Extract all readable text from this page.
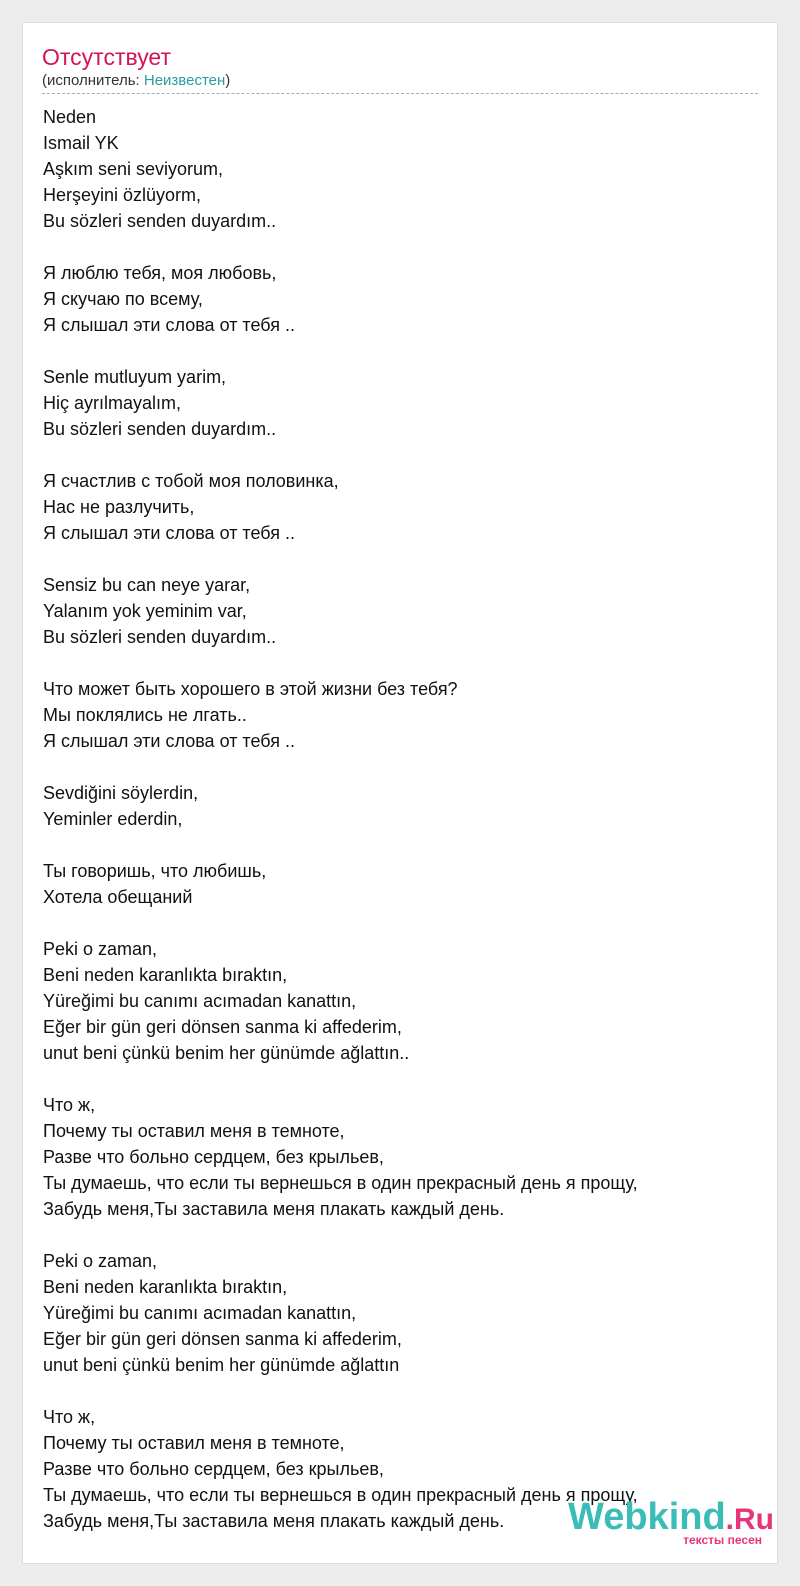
Отсутствует
(исполнитель: Неизвестен)
Neden
Ismail YK
Aşkım seni seviyorum,
Herşeyini özlüyorm,
Bu sözleri senden duyardım..
Я люблю тебя, моя любовь,
Я скучаю по всему,
Я слышал эти слова от тебя ..
Senle mutluyum yarim,
Hiç ayrılmayalım,
Bu sözleri senden duyardım..
Я счастлив с тобой моя половинка,
Нас не разлучить,
Я слышал эти слова от тебя ..
Sensiz bu can neye yarar,
Yalanım yok yeminim var,
Bu sözleri senden duyardım..
Что может быть хорошего в этой жизни без тебя?
Мы поклялись не лгать..
Я слышал эти слова от тебя ..
Sevdiğini söylerdin,
Yeminler ederdin,
Ты говоришь, что любишь,
Хотела обещаний
Peki o zaman,
Beni neden karanlıkta bıraktın,
Yüreğimi bu canımı acımadan kanattın,
Eğer bir gün geri dönsen sanma ki affederim,
unut beni çünkü benim her günümde ağlattın..
Что ж,
Почему ты оставил меня в темноте,
Разве что больно сердцем, без крыльев,
Ты думаешь, что если ты вернешься в один прекрасный день я прощу,
Забудь меня,Ты заставила меня плакать каждый день.
Peki o zaman,
Beni neden karanlıkta bıraktın,
Yüreğimi bu canımı acımadan kanattın,
Eğer bir gün geri dönsen sanma ki affederim,
unut beni çünkü benim her günümde ağlattın
Что ж,
Почему ты оставил меня в темноте,
Разве что больно сердцем, без крыльев,
Ты думаешь, что если ты вернешься в один прекрасный день я прощу,
Забудь меня,Ты заставила меня плакать каждый день.	Webkind.Ru
тексты песен
